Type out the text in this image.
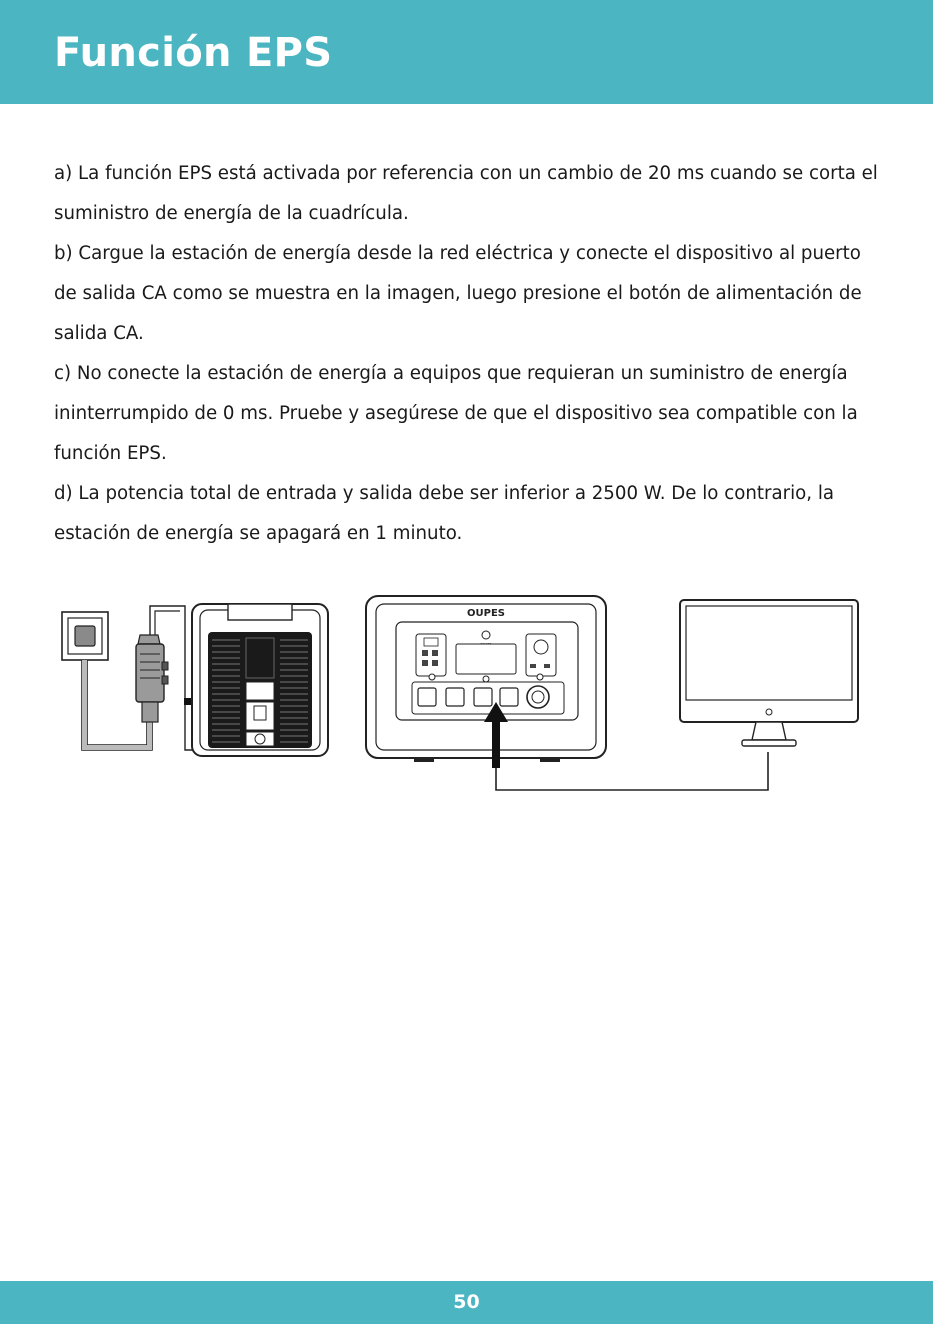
Función EPS

a) La función EPS está activada por referencia con un cambio de 20 ms cuando se corta el suministro de energía de la cuadrícula.

b) Cargue la estación de energía desde la red eléctrica y conecte el dispositivo al puerto de salida CA como se muestra en la imagen, luego presione el botón de alimentación de salida CA.

c) No conecte la estación de energía a equipos que requieran un suministro de energía ininterrumpido de 0 ms. Pruebe y asegúrese de que el dispositivo sea compatible con la función EPS.

d) La potencia total de entrada y salida debe ser inferior a 2500 W. De lo contrario, la estación de energía se apagará en 1 minuto.

OUPES
50
